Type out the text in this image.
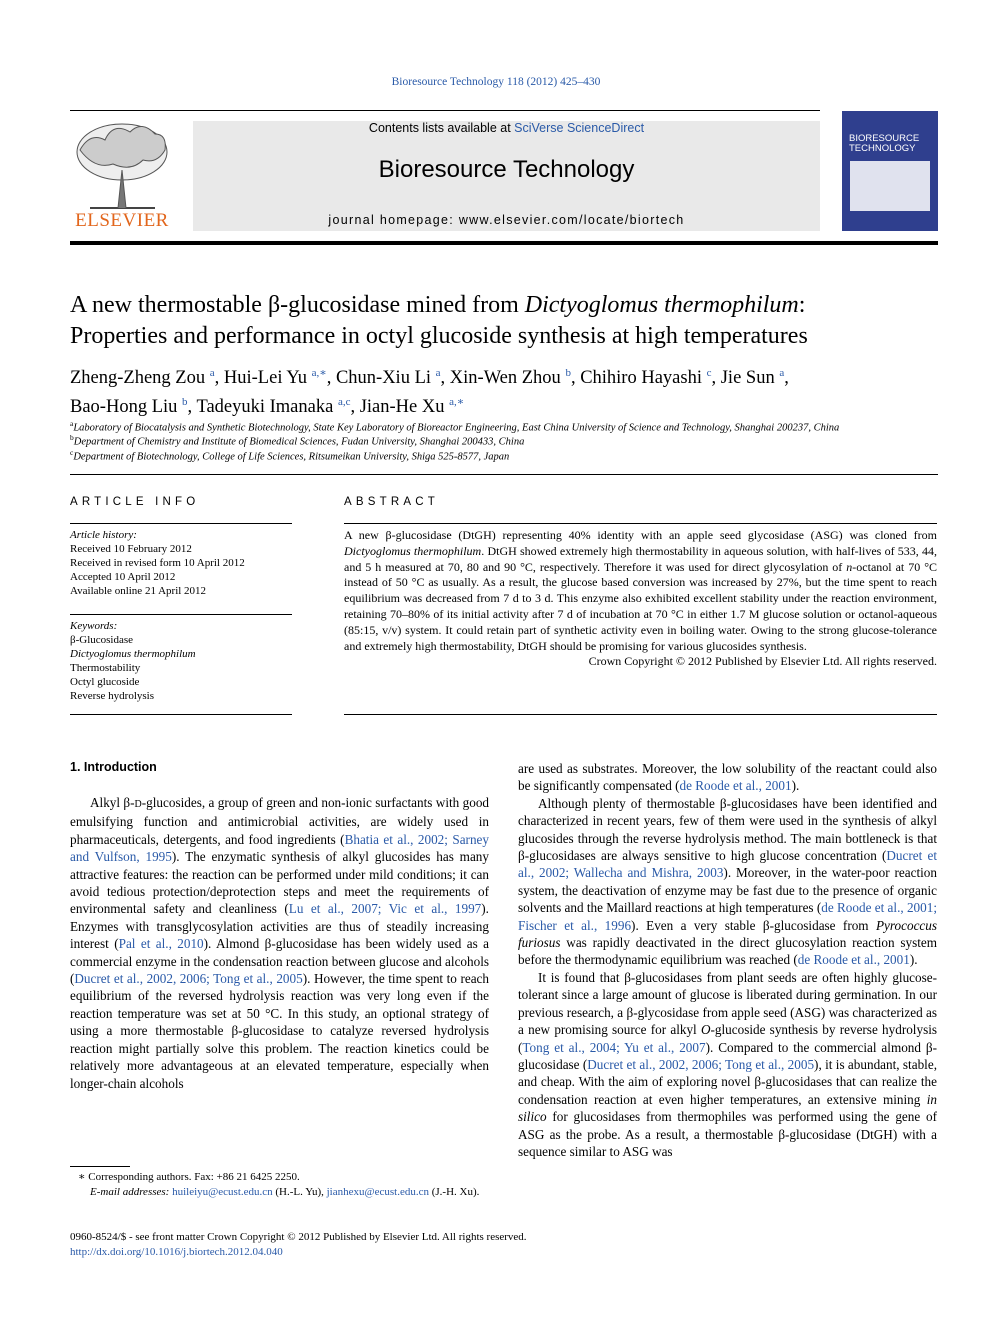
Bioresource Technology 118 (2012) 425–430
ELSEVIER
Contents lists available at SciVerse ScienceDirect
Bioresource Technology
journal homepage: www.elsevier.com/locate/biortech
BIORESOURCE TECHNOLOGY
A new thermostable β-glucosidase mined from Dictyoglomus thermophilum:
Properties and performance in octyl glucoside synthesis at high temperatures
Zheng-Zheng Zou $^a$, Hui-Lei Yu $^{a,∗}$, Chun-Xiu Li $^a$, Xin-Wen Zhou $^b$, Chihiro Hayashi $^c$, Jie Sun $^a$,
Bao-Hong Liu $^b$, Tadeyuki Imanaka $^{a,c}$, Jian-He Xu $^{a,∗}$
$^a$Laboratory of Biocatalysis and Synthetic Biotechnology, State Key Laboratory of Bioreactor Engineering, East China University of Science and Technology, Shanghai 200237, China
$^b$Department of Chemistry and Institute of Biomedical Sciences, Fudan University, Shanghai 200433, China
$^c$Department of Biotechnology, College of Life Sciences, Ritsumeikan University, Shiga 525-8577, Japan
ARTICLE INFO
Article history:
Received 10 February 2012
Received in revised form 10 April 2012
Accepted 10 April 2012
Available online 21 April 2012
Keywords:
β-Glucosidase
Dictyoglomus thermophilum
Thermostability
Octyl glucoside
Reverse hydrolysis
ABSTRACT
A new β-glucosidase (DtGH) representing 40% identity with an apple seed glycosidase (ASG) was cloned from Dictyoglomus thermophilum. DtGH showed extremely high thermostability in aqueous solution, with half-lives of 533, 44, and 5 h measured at 70, 80 and 90 °C, respectively. Therefore it was used for direct glycosylation of n-octanol at 70 °C instead of 50 °C as usually. As a result, the glucose based conversion was increased by 27%, but the time spent to reach equilibrium was decreased from 7 d to 3 d. This enzyme also exhibited excellent stability under the reaction environment, retaining 70–80% of its initial activity after 7 d of incubation at 70 °C in either 1.7 M glucose solution or octanol-aqueous (85:15, v/v) system. It could retain part of synthetic activity even in boiling water. Owing to the strong glucose-tolerance and extremely high thermostability, DtGH should be promising for various glucosides synthesis.
Crown Copyright © 2012 Published by Elsevier Ltd. All rights reserved.
1. Introduction

Alkyl β-D-glucosides, a group of green and non-ionic surfactants with good emulsifying function and antimicrobial activities, are widely used in pharmaceuticals, detergents, and food ingredients (Bhatia et al., 2002; Sarney and Vulfson, 1995). The enzymatic synthesis of alkyl glucosides has many attractive features: the reaction can be performed under mild conditions; it can avoid tedious protection/deprotection steps and meet the requirements of environmental safety and cleanliness (Lu et al., 2007; Vic et al., 1997). Enzymes with transglycosylation activities are thus of steadily increasing interest (Pal et al., 2010). Almond β-glucosidase has been widely used as a commercial enzyme in the condensation reaction between glucose and alcohols (Ducret et al., 2002, 2006; Tong et al., 2005). However, the time spent to reach equilibrium of the reversed hydrolysis reaction was very long even if the reaction temperature was set at 50 °C. In this study, an optional strategy of using a more thermostable β-glucosidase to catalyze reversed hydrolysis reaction might partially solve this problem. The reaction kinetics could be relatively more advantageous at an elevated temperature, especially when longer-chain alcohols

are used as substrates. Moreover, the low solubility of the reactant could also be significantly compensated (de Roode et al., 2001).

Although plenty of thermostable β-glucosidases have been identified and characterized in recent years, few of them were used in the synthesis of alkyl glucosides through the reverse hydrolysis method. The main bottleneck is that β-glucosidases are always sensitive to high glucose concentration (Ducret et al., 2002; Wallecha and Mishra, 2003). Moreover, in the water-poor reaction system, the deactivation of enzyme may be fast due to the presence of organic solvents and the Maillard reactions at high temperatures (de Roode et al., 2001; Fischer et al., 1996). Even a very stable β-glucosidase from Pyrococcus furiosus was rapidly deactivated in the direct glucosylation reaction system before the thermodynamic equilibrium was reached (de Roode et al., 2001).

It is found that β-glucosidases from plant seeds are often highly glucose-tolerant since a large amount of glucose is liberated during germination. In our previous research, a β-glycosidase from apple seed (ASG) was characterized as a new promising source for alkyl O-glucoside synthesis by reverse hydrolysis (Tong et al., 2004; Yu et al., 2007). Compared to the commercial almond β-glucosidase (Ducret et al., 2002, 2006; Tong et al., 2005), it is abundant, stable, and cheap. With the aim of exploring novel β-glucosidases that can realize the condensation reaction at even higher temperatures, an extensive mining in silico for glucosidases from thermophiles was performed using the gene of ASG as the probe. As a result, a thermostable β-glucosidase (DtGH) with a sequence similar to ASG was

∗ Corresponding authors. Fax: +86 21 6425 2250.
E-mail addresses: huileiyu@ecust.edu.cn (H.-L. Yu), jianhexu@ecust.edu.cn (J.-H. Xu).
0960-8524/$ - see front matter Crown Copyright © 2012 Published by Elsevier Ltd. All rights reserved.
http://dx.doi.org/10.1016/j.biortech.2012.04.040
